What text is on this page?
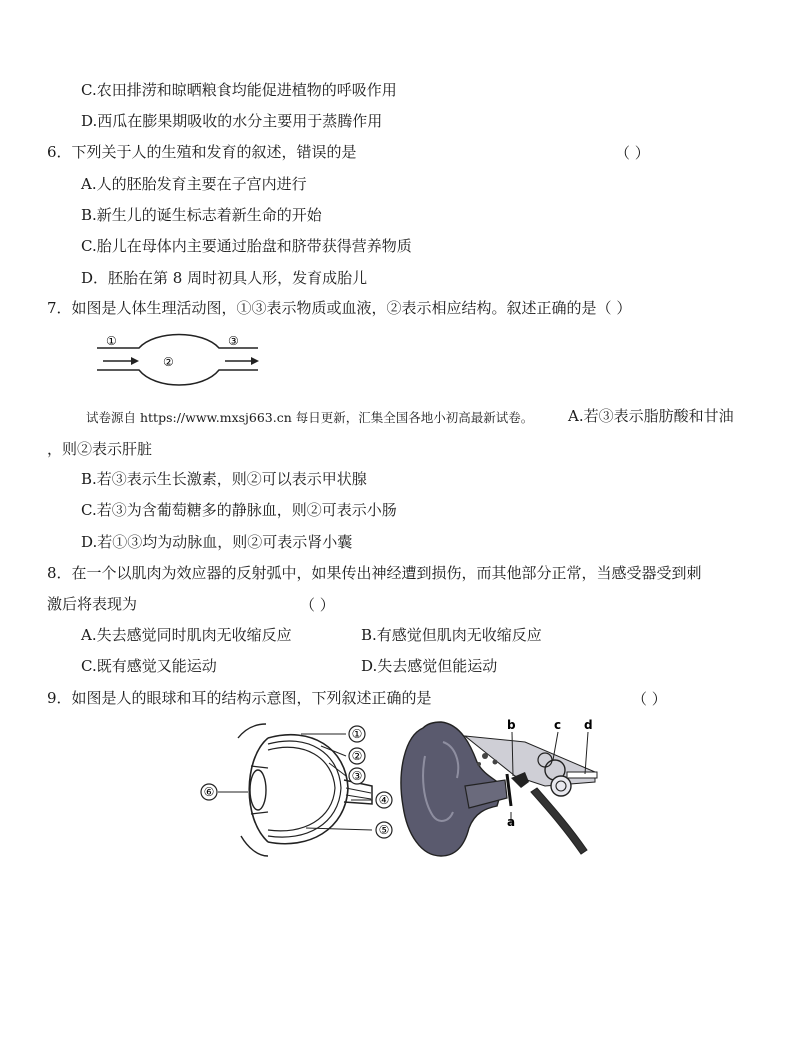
C.农田排涝和晾晒粮食均能促进植物的呼吸作用
D.西瓜在膨果期吸收的水分主要用于蒸腾作用
6．下列关于人的生殖和发育的叙述，错误的是	（ ）
A.人的胚胎发育主要在子宫内进行
B.新生儿的诞生标志着新生命的开始
C.胎儿在母体内主要通过胎盘和脐带获得营养物质
D．胚胎在第 8 周时初具人形，发育成胎儿
7．如图是人体生理活动图，①③表示物质或血液，②表示相应结构。叙述正确的是（ ）
①
②
③
试卷源自 https://www.mxsj663.cn 每日更新，汇集全国各地小初高最新试卷。 A.若③表示脂肪酸和甘油
，则②表示肝脏
B.若③表示生长激素，则②可以表示甲状腺
C.若③为含葡萄糖多的静脉血，则②可表示小肠
D.若①③均为动脉血，则②可表示肾小囊
8．在一个以肌肉为效应器的反射弧中，如果传出神经遭到损伤，而其他部分正常，当感受器受到刺
激后将表现为	（ ）
A.失去感觉同时肌肉无收缩反应	B.有感觉但肌肉无收缩反应
C.既有感觉又能运动	D.失去感觉但能运动
9．如图是人的眼球和耳的结构示意图，下列叙述正确的是	（ ）
①
②
③
④
⑤
⑥
b	c d
a
